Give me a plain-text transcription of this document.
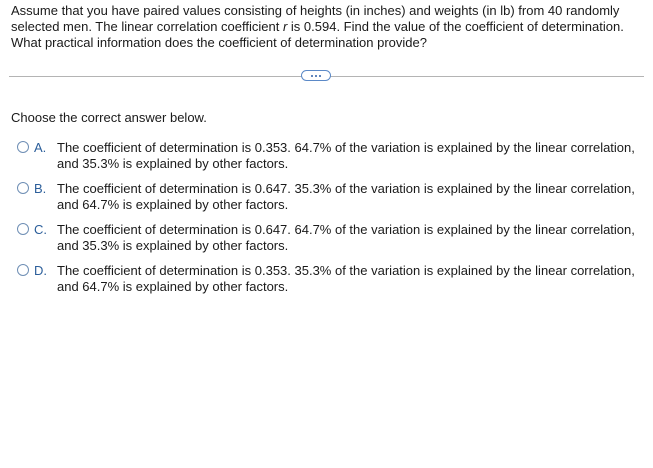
Assume that you have paired values consisting of heights (in inches) and weights (in lb) from 40 randomly selected men. The linear correlation coefficient r is 0.594. Find the value of the coefficient of determination. What practical information does the coefficient of determination provide?

Choose the correct answer below.
A. The coefficient of determination is 0.353. 64.7% of the variation is explained by the linear correlation,
and 35.3% is explained by other factors.
B. The coefficient of determination is 0.647. 35.3% of the variation is explained by the linear correlation,
and 64.7% is explained by other factors.
C. The coefficient of determination is 0.647. 64.7% of the variation is explained by the linear correlation,
and 35.3% is explained by other factors.
D. The coefficient of determination is 0.353. 35.3% of the variation is explained by the linear correlation,
and 64.7% is explained by other factors.
